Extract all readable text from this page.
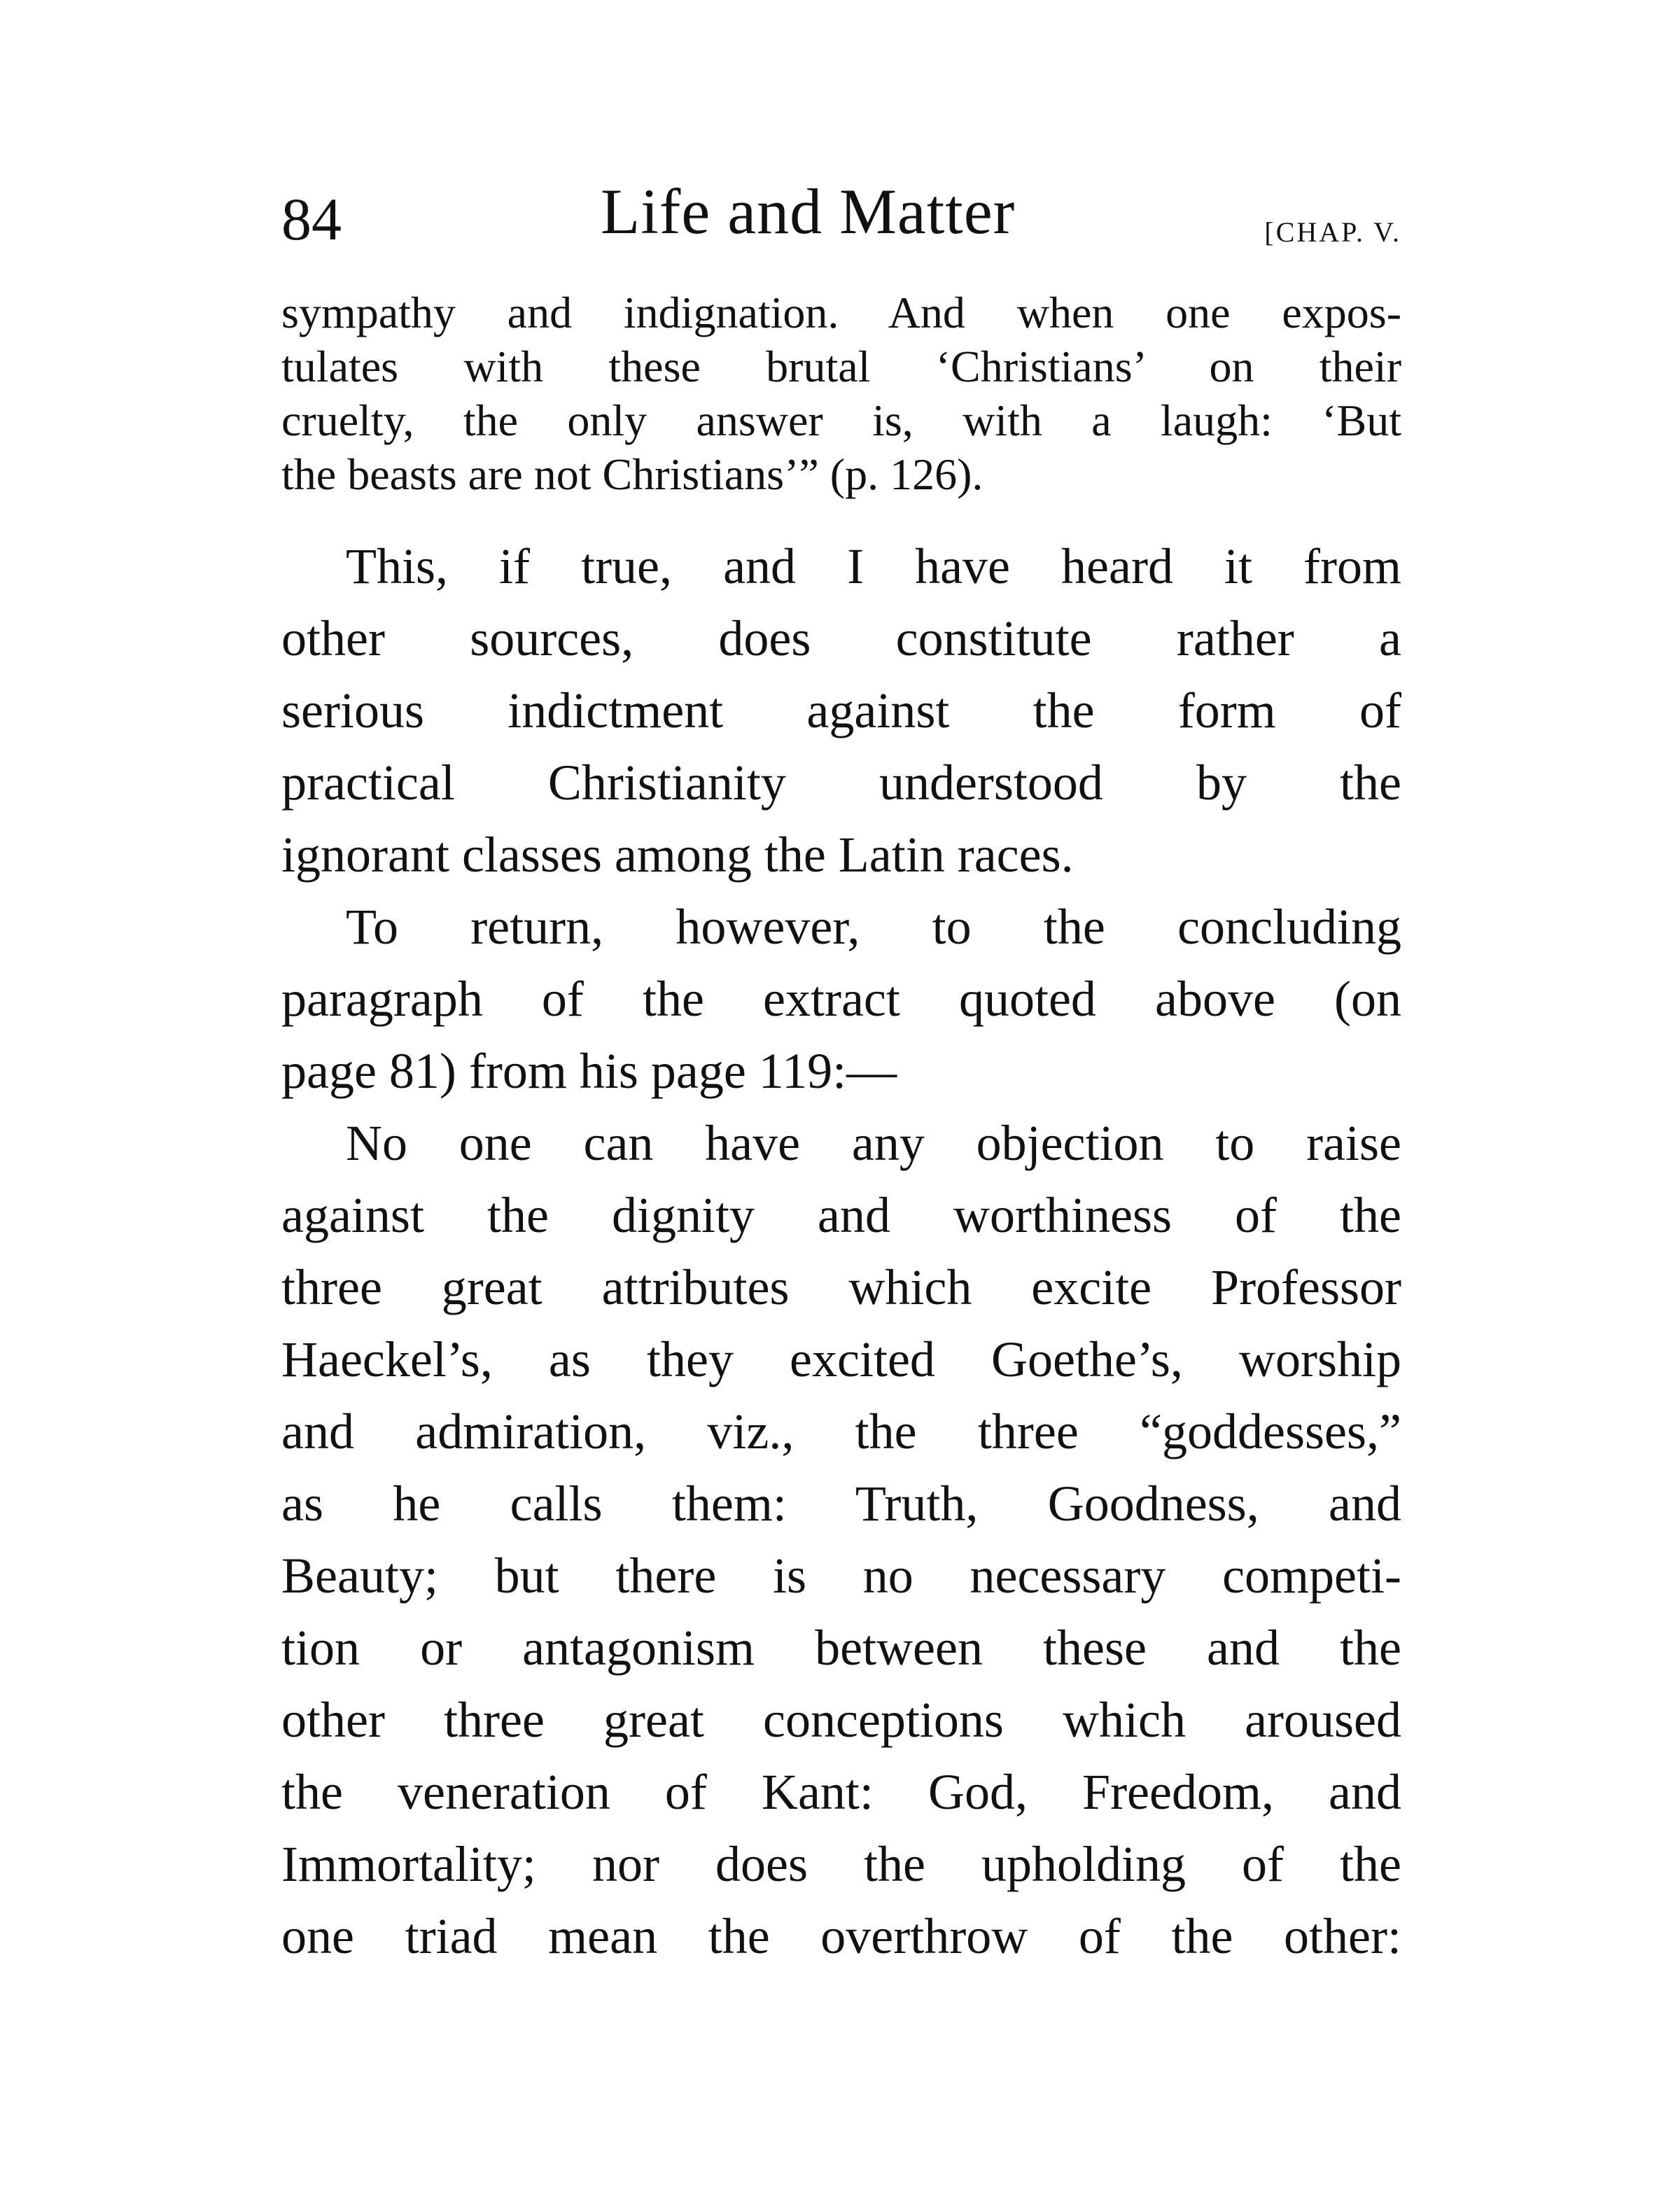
84	Life and Matter	[CHAP. V.

sympathy and indignation. And when one expos-
tulates with these brutal ‘Christians’ on their
cruelty, the only answer is, with a laugh: ‘But
the beasts are not Christians’” (p. 126).

This, if true, and I have heard it from
other sources, does constitute rather a
serious indictment against the form of
practical Christianity understood by the
ignorant classes among the Latin races.

To return, however, to the concluding
paragraph of the extract quoted above (on
page 81) from his page 119:—

No one can have any objection to raise
against the dignity and worthiness of the
three great attributes which excite Professor
Haeckel’s, as they excited Goethe’s, worship
and admiration, viz., the three “goddesses,”
as he calls them: Truth, Goodness, and
Beauty; but there is no necessary competi-
tion or antagonism between these and the
other three great conceptions which aroused
the veneration of Kant: God, Freedom, and
Immortality; nor does the upholding of the
one triad mean the overthrow of the other:
